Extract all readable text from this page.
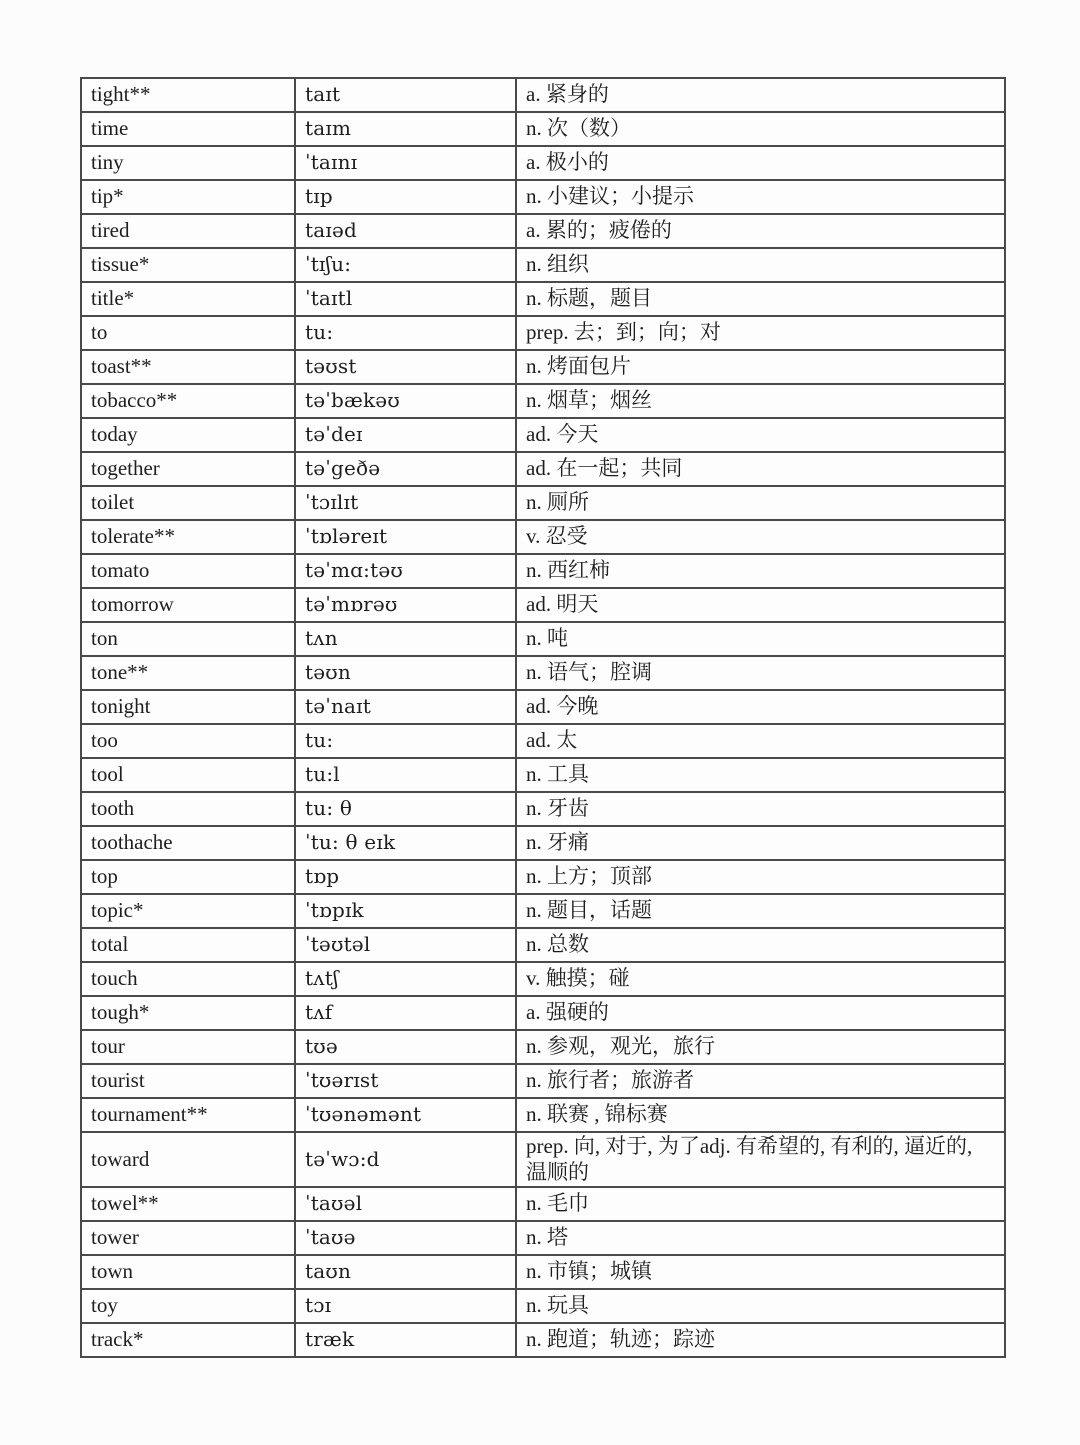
tight**	taɪt	a. 紧身的
time	taɪm	n. 次（数）
tiny	ˈtaɪnɪ	a. 极小的
tip*	tɪp	n. 小建议；小提示
tired	taɪəd	a. 累的；疲倦的
tissue*	ˈtɪʃu:	n. 组织
title*	ˈtaɪtl	n. 标题，题目
to	tu:	prep. 去；到；向；对
toast**	təʊst	n. 烤面包片
tobacco**	təˈbækəʊ	n. 烟草；烟丝
today	təˈdeɪ	ad. 今天
together	təˈgeðə	ad. 在一起；共同
toilet	ˈtɔɪlɪt	n. 厕所
tolerate**	ˈtɒləreɪt	v. 忍受
tomato	təˈmɑ:təʊ	n. 西红柿
tomorrow	təˈmɒrəʊ	ad. 明天
ton	tʌn	n. 吨
tone**	təʊn	n. 语气；腔调
tonight	təˈnaɪt	ad. 今晚
too	tu:	ad. 太
tool	tu:l	n. 工具
tooth	tu: θ	n. 牙齿
toothache	ˈtu: θ eɪk	n. 牙痛
top	tɒp	n. 上方；顶部
topic*	ˈtɒpɪk	n. 题目，话题
total	ˈtəʊtəl	n. 总数
touch	tʌtʃ	v. 触摸；碰
tough*	tʌf	a. 强硬的
tour	tʊə	n. 参观，观光，旅行
tourist	ˈtʊərɪst	n. 旅行者；旅游者
tournament**	ˈtʊənəmənt	n. 联赛 , 锦标赛
toward	təˈwɔ:d	prep. 向, 对于, 为了adj. 有希望的, 有利的, 逼近的, 温顺的
towel**	ˈtaʊəl	n. 毛巾
tower	ˈtaʊə	n. 塔
town	taʊn	n. 市镇；城镇
toy	tɔɪ	n. 玩具
track*	træk	n. 跑道；轨迹；踪迹
